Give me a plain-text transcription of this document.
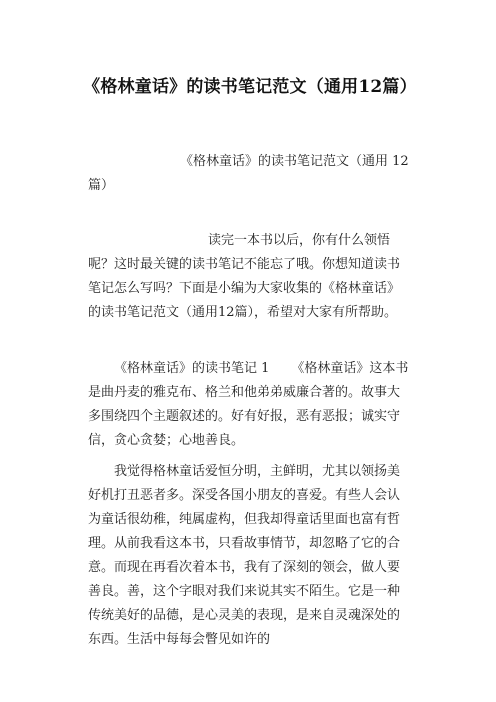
《格林童话》的读书笔记范文（通用12篇）
《格林童话》的读书笔记范文（通用 12 篇）
读完一本书以后，你有什么领悟呢？这时最关键的读书笔记不能忘了哦。你想知道读书笔记怎么写吗？下面是小编为大家收集的《格林童话》的读书笔记范文（通用12篇），希望对大家有所帮助。
《格林童话》的读书笔记 1 《格林童话》这本书是曲丹麦的雅克布、格兰和他弟弟威廉合著的。故事大多围绕四个主题叙述的。好有好报，恶有恶报；诚实守信，贪心贪婪；心地善良。
我觉得格林童话爱恒分明，主鲜明，尤其以领扬美好机打丑恶者多。深受各国小朋友的喜爱。有些人会认为童话很幼稚，纯属虚构，但我却得童话里面也富有哲理。从前我看这本书，只看故事情节，却忽略了它的合意。而现在再看次着本书，我有了深刻的领会，做人要善良。善，这个字眼对我们来说其实不陌生。它是一种传统美好的品德，是心灵美的表现，是来自灵魂深处的东西。生活中每每会瞥见如许的
